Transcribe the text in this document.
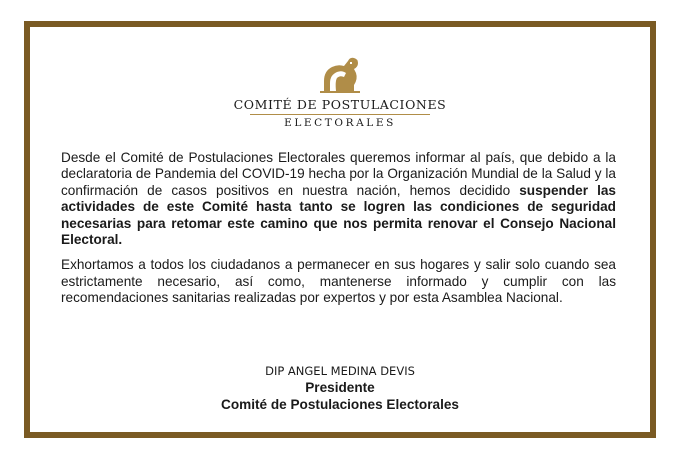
COMITÉ DE POSTULACIONES
ELECTORALES

Desde el Comité de Postulaciones Electorales queremos informar al país, que debido a la declaratoria de Pandemia del COVID-19 hecha por la Organización Mundial de la Salud y la confirmación de casos positivos en nuestra nación, hemos decidido suspender las actividades de este Comité hasta tanto se logren las condiciones de seguridad necesarias para retomar este camino que nos permita renovar el Consejo Nacional Electoral.

Exhortamos a todos los ciudadanos a permanecer en sus hogares y salir solo cuando sea estrictamente necesario, así como, mantenerse informado y cumplir con las recomendaciones sanitarias realizadas por expertos y por esta Asamblea Nacional.

DIP ANGEL MEDINA DEVIS
Presidente
Comité de Postulaciones Electorales
